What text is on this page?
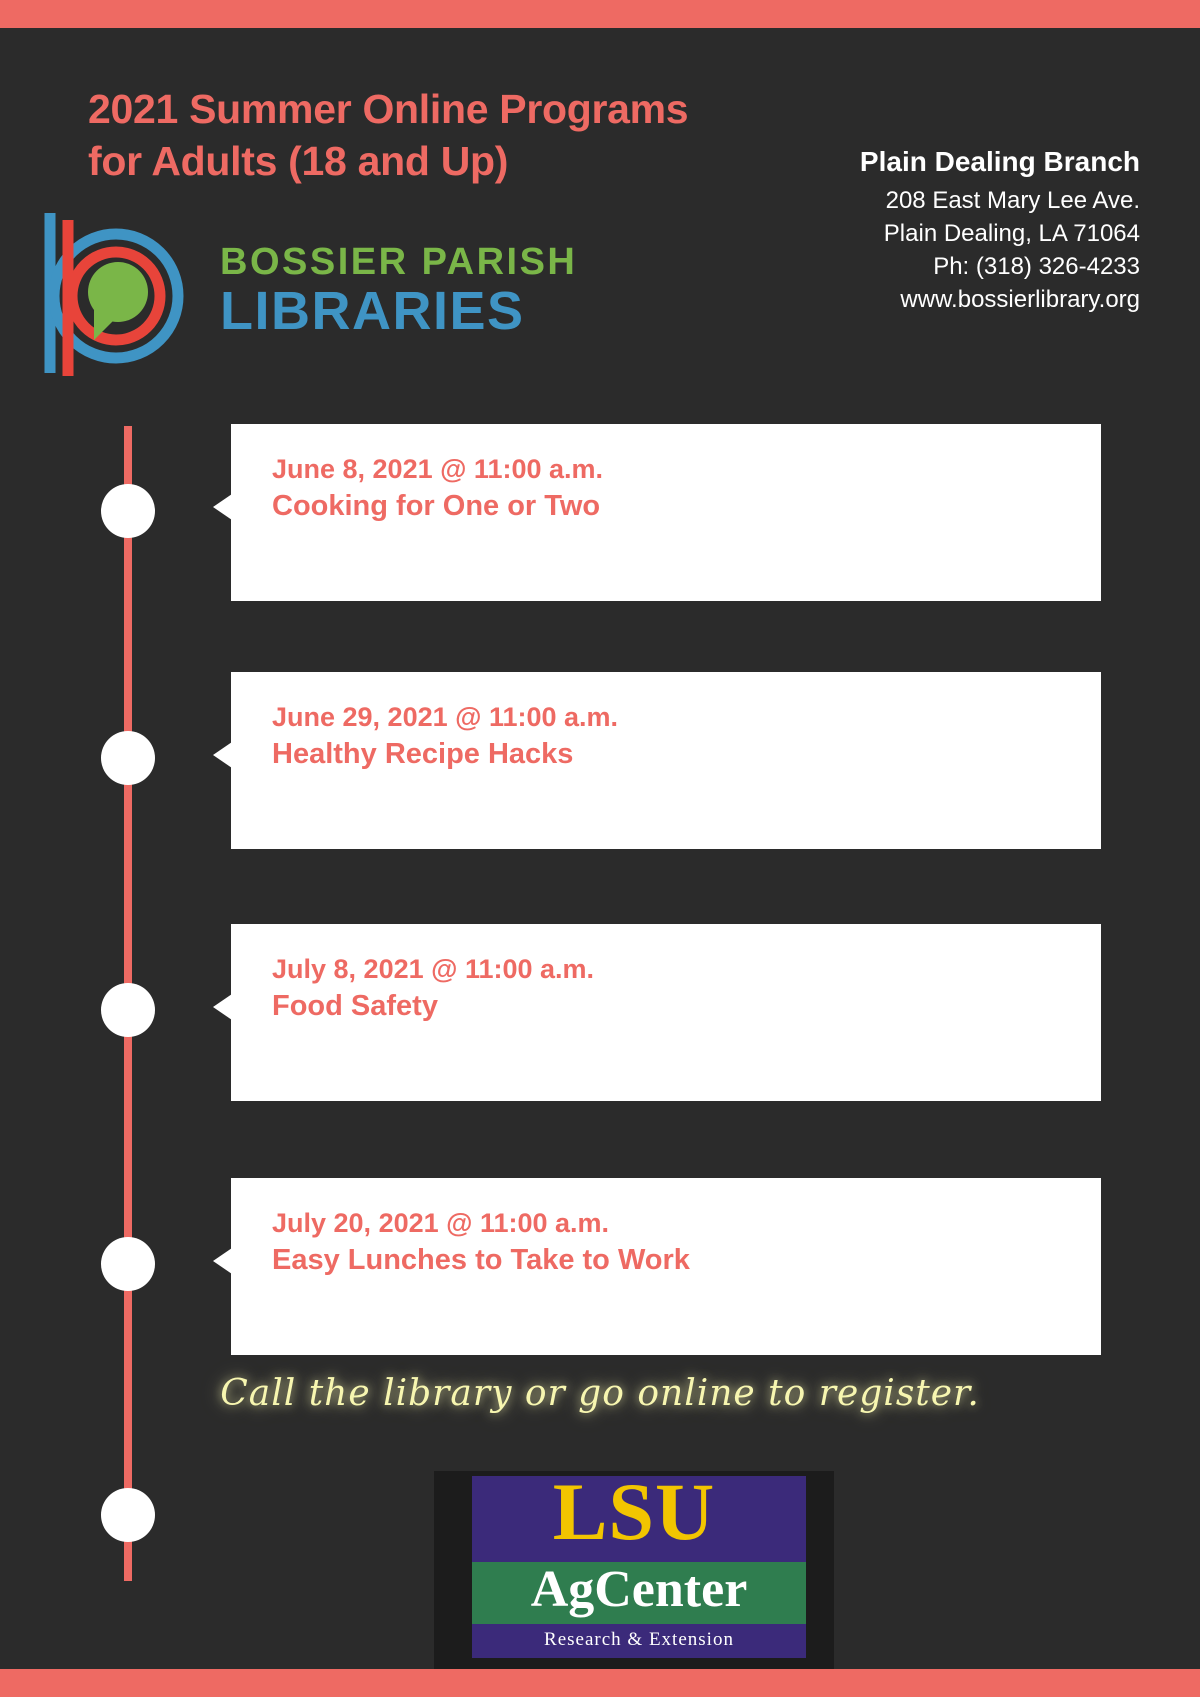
2021 Summer Online Programs
for Adults (18 and Up)	Plain Dealing Branch
208 East Mary Lee Ave.
Plain Dealing, LA 71064
Ph: (318) 326-4233
www.bossierlibrary.org
BOSSIER PARISH
LIBRARIES
June 8, 2021 @ 11:00 a.m.
Cooking for One or Two
June 29, 2021 @ 11:00 a.m.
Healthy Recipe Hacks
July 8, 2021 @ 11:00 a.m.
Food Safety
July 20, 2021 @ 11:00 a.m.
Easy Lunches to Take to Work
Call the library or go online to register.
LSU
AgCenter
Research & Extension
